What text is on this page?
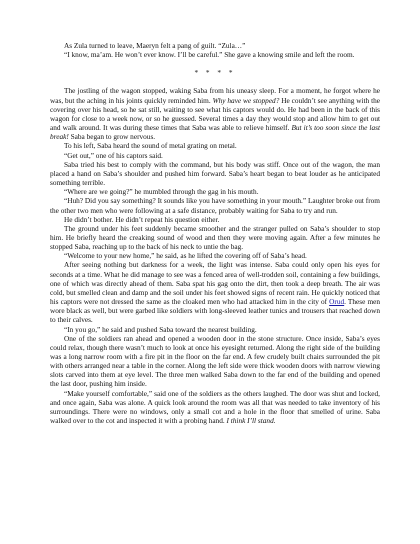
As Zula turned to leave, Maeryn felt a pang of guilt. “Zula…”

“I know, ma’am. He won’t ever know. I’ll be careful.” She gave a knowing smile and left the room.

* * * *

The jostling of the wagon stopped, waking Saba from his uneasy sleep. For a moment, he forgot where he was, but the aching in his joints quickly reminded him. Why have we stopped? He couldn’t see anything with the covering over his head, so he sat still, waiting to see what his captors would do. He had been in the back of this wagon for close to a week now, or so he guessed. Several times a day they would stop and allow him to get out and walk around. It was during these times that Saba was able to relieve himself. But it’s too soon since the last break! Saba began to grow nervous.

To his left, Saba heard the sound of metal grating on metal.

“Get out,” one of his captors said.

Saba tried his best to comply with the command, but his body was stiff. Once out of the wagon, the man placed a hand on Saba’s shoulder and pushed him forward. Saba’s heart began to beat louder as he anticipated something terrible.

“Where are we going?” he mumbled through the gag in his mouth.

“Huh? Did you say something? It sounds like you have something in your mouth.” Laughter broke out from the other two men who were following at a safe distance, probably waiting for Saba to try and run.

He didn’t bother. He didn’t repeat his question either.

The ground under his feet suddenly became smoother and the stranger pulled on Saba’s shoulder to stop him. He briefly heard the creaking sound of wood and then they were moving again. After a few minutes he stopped Saba, reaching up to the back of his neck to untie the bag.

“Welcome to your new home,” he said, as he lifted the covering off of Saba’s head.

After seeing nothing but darkness for a week, the light was intense. Saba could only open his eyes for seconds at a time. What he did manage to see was a fenced area of well-trodden soil, containing a few buildings, one of which was directly ahead of them. Saba spat his gag onto the dirt, then took a deep breath. The air was cold, but smelled clean and damp and the soil under his feet showed signs of recent rain. He quickly noticed that his captors were not dressed the same as the cloaked men who had attacked him in the city of Orud. These men wore black as well, but were garbed like soldiers with long-sleeved leather tunics and trousers that reached down to their calves.

“In you go,” he said and pushed Saba toward the nearest building.

One of the soldiers ran ahead and opened a wooden door in the stone structure. Once inside, Saba’s eyes could relax, though there wasn’t much to look at once his eyesight returned. Along the right side of the building was a long narrow room with a fire pit in the floor on the far end. A few crudely built chairs surrounded the pit with others arranged near a table in the corner. Along the left side were thick wooden doors with narrow viewing slots carved into them at eye level. The three men walked Saba down to the far end of the building and opened the last door, pushing him inside.

“Make yourself comfortable,” said one of the soldiers as the others laughed. The door was shut and locked, and once again, Saba was alone. A quick look around the room was all that was needed to take inventory of his surroundings. There were no windows, only a small cot and a hole in the floor that smelled of urine. Saba walked over to the cot and inspected it with a probing hand. I think I’ll stand.
